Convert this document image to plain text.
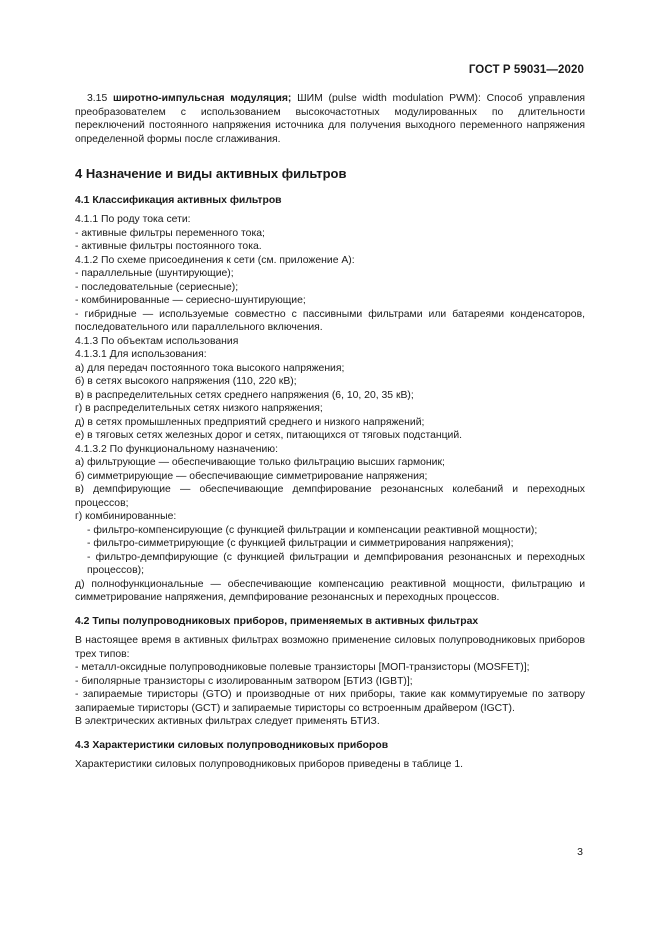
ГОСТ Р 59031—2020

3.15 широтно-импульсная модуляция; ШИМ (pulse width modulation PWM): Способ управления преобразователем с использованием высокочастотных модулированных по длительности переключений постоянного напряжения источника для получения выходного переменного напряжения определенной формы после сглаживания.

4 Назначение и виды активных фильтров
4.1 Классификация активных фильтров
4.1.1 По роду тока сети:
- активные фильтры переменного тока;
- активные фильтры постоянного тока.
4.1.2 По схеме присоединения к сети (см. приложение А):
- параллельные (шунтирующие);
- последовательные (сериесные);
- комбинированные — сериесно-шунтирующие;
- гибридные — используемые совместно с пассивными фильтрами или батареями конденсаторов, последовательного или параллельного включения.
4.1.3 По объектам использования
4.1.3.1 Для использования:
а) для передач постоянного тока высокого напряжения;
б) в сетях высокого напряжения (110, 220 кВ);
в) в распределительных сетях среднего напряжения (6, 10, 20, 35 кВ);
г) в распределительных сетях низкого напряжения;
д) в сетях промышленных предприятий среднего и низкого напряжений;
е) в тяговых сетях железных дорог и сетях, питающихся от тяговых подстанций.
4.1.3.2 По функциональному назначению:
а) фильтрующие — обеспечивающие только фильтрацию высших гармоник;
б) симметрирующие — обеспечивающие симметрирование напряжения;
в) демпфирующие — обеспечивающие демпфирование резонансных колебаний и переходных процессов;
г) комбинированные:
- фильтро-компенсирующие (с функцией фильтрации и компенсации реактивной мощности);
- фильтро-симметрирующие (с функцией фильтрации и симметрирования напряжения);
- фильтро-демпфирующие (с функцией фильтрации и демпфирования резонансных и переходных процессов);
д) полнофункциональные — обеспечивающие компенсацию реактивной мощности, фильтрацию и симметрирование напряжения, демпфирование резонансных и переходных процессов.
4.2 Типы полупроводниковых приборов, применяемых в активных фильтрах
В настоящее время в активных фильтрах возможно применение силовых полупроводниковых приборов трех типов:
- металл-оксидные полупроводниковые полевые транзисторы [МОП-транзисторы (MOSFET)];
- биполярные транзисторы с изолированным затвором [БТИЗ (IGBT)];
- запираемые тиристоры (GTO) и производные от них приборы, такие как коммутируемые по затвору запираемые тиристоры (GCT) и запираемые тиристоры со встроенным драйвером (IGCT).
В электрических активных фильтрах следует применять БТИЗ.
4.3 Характеристики силовых полупроводниковых приборов
Характеристики силовых полупроводниковых приборов приведены в таблице 1.
3
